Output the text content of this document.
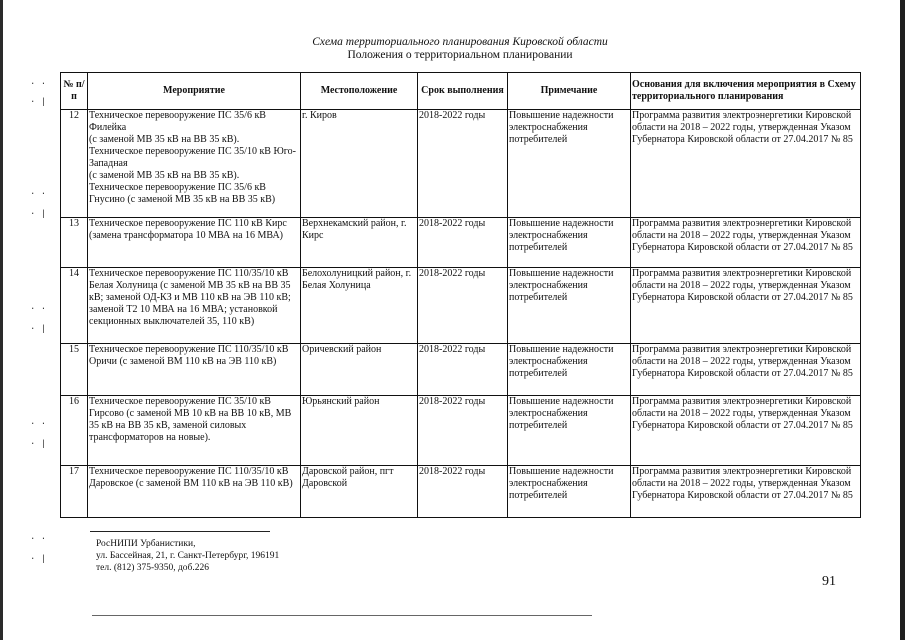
· ·
· |
· ·
· |
· ·
· |
· ·
· |
· ·
· |
Схема территориального планирования Кировской области
Положения о территориальном планировании
№ п/п	Мероприятие	Местоположение	Срок выполнения	Примечание	Основания для включения мероприятия в Схему территориального планирования
12	Техническое перевооружение ПС 35/6 кВ Филейка
(с заменой МВ 35 кВ на ВВ 35 кВ).
Техническое перевооружение ПС 35/10 кВ Юго-Западная
(с заменой МВ 35 кВ на ВВ 35 кВ).
Техническое перевооружение ПС 35/6 кВ Гнусино (с заменой МВ 35 кВ на ВВ 35 кВ)	г. Киров	2018-2022 годы	Повышение надежности электроснабжения потребителей	Программа развития электроэнергетики Кировской области на 2018 – 2022 годы, утвержденная Указом Губернатора Кировской области от 27.04.2017 № 85
13	Техническое перевооружение ПС 110 кВ Кирс (замена трансформатора 10 МВА на 16 МВА)	Верхнекамский район, г. Кирс	2018-2022 годы	Повышение надежности электроснабжения потребителей	Программа развития электроэнергетики Кировской области на 2018 – 2022 годы, утвержденная Указом Губернатора Кировской области от 27.04.2017 № 85
14	Техническое перевооружение ПС 110/35/10 кВ Белая Холуница (с заменой МВ 35 кВ на ВВ 35 кВ; заменой ОД-КЗ и МВ 110 кВ на ЭВ 110 кВ; заменой Т2 10 МВА на 16 МВА; установкой секционных выключателей 35, 110 кВ)	Белохолуницкий район, г. Белая Холуница	2018-2022 годы	Повышение надежности электроснабжения потребителей	Программа развития электроэнергетики Кировской области на 2018 – 2022 годы, утвержденная Указом Губернатора Кировской области от 27.04.2017 № 85
15	Техническое перевооружение ПС 110/35/10 кВ Оричи (с заменой ВМ 110 кВ на ЭВ 110 кВ)	Оричевский район	2018-2022 годы	Повышение надежности электроснабжения потребителей	Программа развития электроэнергетики Кировской области на 2018 – 2022 годы, утвержденная Указом Губернатора Кировской области от 27.04.2017 № 85
16	Техническое перевооружение ПС 35/10 кВ Гирсово (с заменой МВ 10 кВ на ВВ 10 кВ, МВ 35 кВ на ВВ 35 кВ, заменой силовых трансформаторов на новые).	Юрьянский район	2018-2022 годы	Повышение надежности электроснабжения потребителей	Программа развития электроэнергетики Кировской области на 2018 – 2022 годы, утвержденная Указом Губернатора Кировской области от 27.04.2017 № 85
17	Техническое перевооружение ПС 110/35/10 кВ Даровское (с заменой ВМ 110 кВ на ЭВ 110 кВ)	Даровской район, пгт Даровской	2018-2022 годы	Повышение надежности электроснабжения потребителей	Программа развития электроэнергетики Кировской области на 2018 – 2022 годы, утвержденная Указом Губернатора Кировской области от 27.04.2017 № 85
РосНИПИ Урбанистики,
ул. Бассейная, 21, г. Санкт-Петербург, 196191
тел. (812) 375-9350, доб.226
91
